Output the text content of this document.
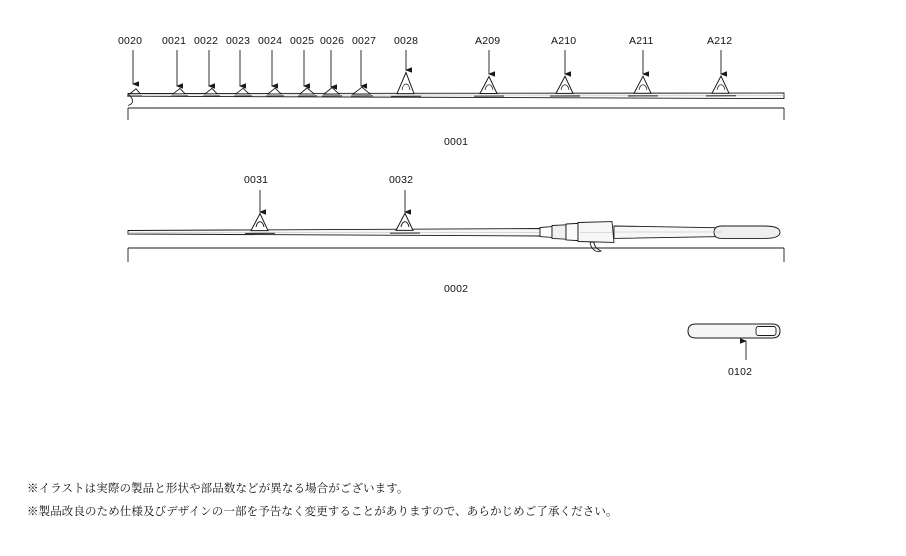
0020 0021 0022 0023 0024 0025 0026 0027 0028	A209	A210	A211	A212
0001
0002
0031	0032
0102
※イラストは実際の製品と形状や部品数などが異なる場合がございます。
※製品改良のため仕様及びデザインの一部を予告なく変更することがありますので、あらかじめご了承ください。
